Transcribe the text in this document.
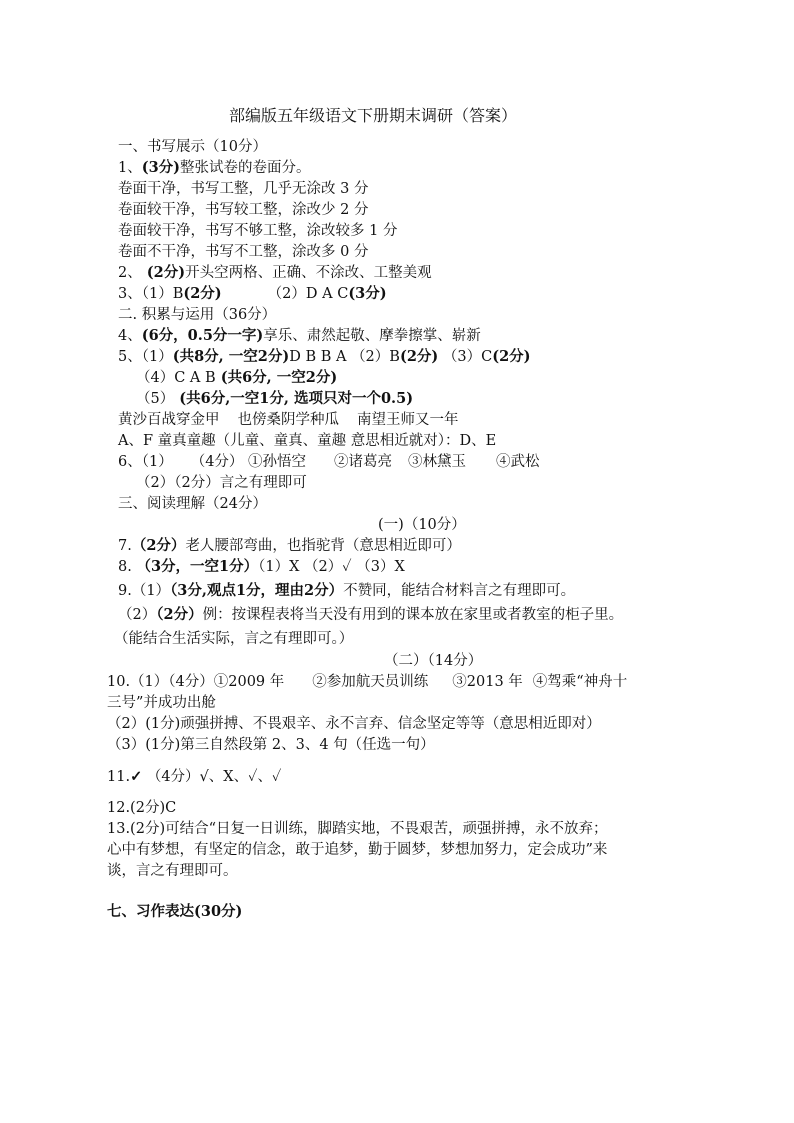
部编版五年级语文下册期末调研（答案）
一、书写展示（10分）
1、(3分)整张试卷的卷面分。
卷面干净，书写工整，几乎无涂改 3 分
卷面较干净，书写较工整，涂改少 2 分
卷面较干净，书写不够工整，涂改较多 1 分
卷面不干净，书写不工整，涂改多 0 分
2、 (2分)开头空两格、正确、不涂改、工整美观
3、（1）B(2分)	（2）D A C(3分)
二. 积累与运用（36分）
4、(6分，0.5分一字)享乐、肃然起敬、摩拳擦掌、崭新
5、（1）(共8分, 一空2分)D B B A （2）B(2分) （3）C(2分)
（4）C A B (共6分, 一空2分)
（5） (共6分,一空1分, 选项只对一个0.5)
黄沙百战穿金甲 也傍桑阴学种瓜 南望王师又一年
A、F 童真童趣（儿童、童真、童趣 意思相近就对）：D、E
6、（1） （4分） ①孙悟空 ②诸葛亮 ③林黛玉 ④武松
（2）（2分）言之有理即可
三、阅读理解（24分）
(一)（10分）
7.（2分）老人腰部弯曲，也指驼背（意思相近即可）
8. （3分，一空1分）（1）X （2）✓ （3）X
9.（1）（3分,观点1分，理由2分）不赞同，能结合材料言之有理即可。
（2）（2分）例：按课程表将当天没有用到的课本放在家里或者教室的柜子里。
（能结合生活实际，言之有理即可。）
（二）（14分）
10.（1）（4分）①2009 年 ②参加航天员训练 ③2013 年 ④驾乘“神舟十
三号”并成功出舱
（2）(1分)顽强拼搏、不畏艰辛、永不言弃、信念坚定等等（意思相近即对）
（3）(1分)第三自然段第 2、3、4 句（任选一句）
11.✓ （4分）√、X、✓、✓
12.(2分)C
13.(2分)可结合“日复一日训练，脚踏实地，不畏艰苦，顽强拼搏，永不放弃；
心中有梦想，有坚定的信念，敢于追梦，勤于圆梦，梦想加努力，定会成功”来
谈，言之有理即可。
七、习作表达(30分)
